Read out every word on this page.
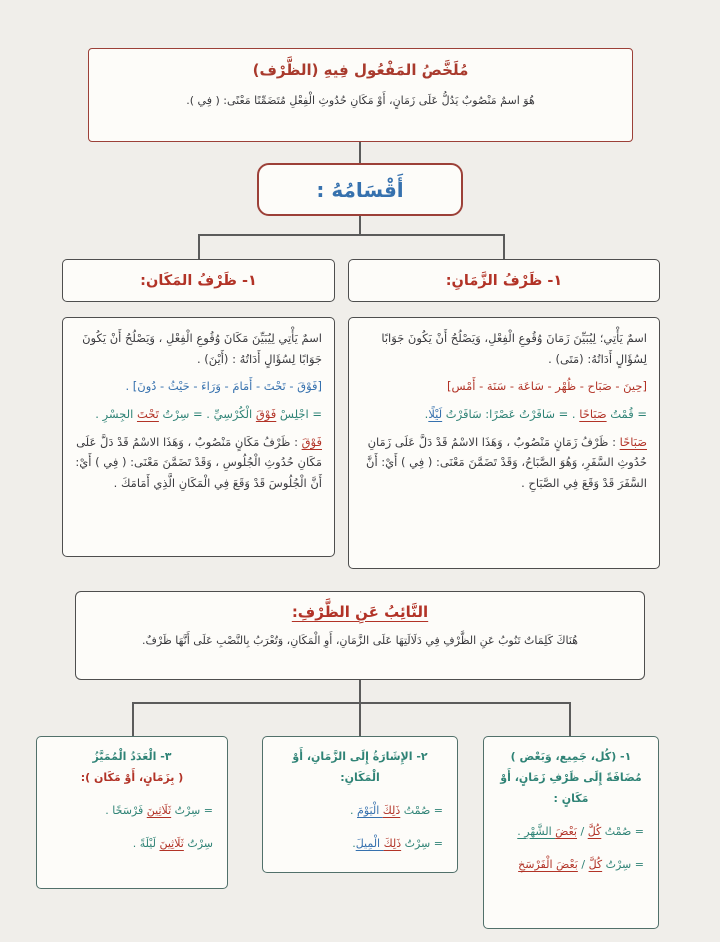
مُلَخَّصُ المَفْعُول فِيهِ (الظَّرْف)
هُوَ اسمٌ مَنْصُوبٌ يَدُلُّ عَلَى زَمَانٍ، أَوْ مَكَانِ حُدُوثِ الْفِعْلِ مُتَضَمِّنًا مَعْنًى: ( فِي ).
أَقْسَامُهُ :
١- ظَرْفُ الزَّمَانِ:

اسمٌ يَأْتِي؛ لِيُبَيِّنَ زَمَانَ وُقُوعِ الْفِعْلِ، وَيَصْلُحُ أَنْ يَكُونَ جَوَابًا لِسُؤَالٍ أَدَاتُهُ: (مَتَى) .

[حِينَ - صَبَاح - ظُهْر - سَاعَة - سَنَة - أَمْس]

= قُمْتُ صَبَاحًا . = سَافَرْتُ عَصْرًا: سَافَرْتُ لَيْلًا.

صَبَاحًا : ظَرْفُ زَمَانٍ مَنْصُوبٌ ، وَهَذَا الاسْمُ قَدْ دَلَّ عَلَى زَمَانِ حُدُوثِ السَّفَرِ، وَهُوَ الصَّبَاحُ، وَقَدْ تَضَمَّنَ مَعْنَى: ( فِي ) أَيْ: أَنَّ السَّفَرَ قَدْ وَقَعَ فِي الصَّبَاحِ .

١- ظَرْفُ المَكَان:

اسمٌ يَأْتِي لِيُبَيِّنَ مَكَانَ وُقُوعِ الْفِعْلِ ، وَيَصْلُحُ أَنْ يَكُونَ جَوَابًا لِسُؤَالٍ أَدَاتُهُ : (أَيْنَ) .

[فَوْقَ - تَحْتَ - أَمَامَ - وَرَاءَ - حَيْثُ - دُونَ] .

= اجْلِسْ فَوْقَ الْكُرْسِيِّ . = سِرْتُ تَحْتَ الجِسْرِ .

فَوْقَ : ظَرْفُ مَكَانٍ مَنْصُوبٌ ، وَهَذَا الاسْمُ قَدْ دَلَّ عَلَى مَكَانِ حُدُوثِ الْجُلُوسِ ، وَقَدْ تَضَمَّنَ مَعْنَى: ( فِي ) أَيْ: أَنَّ الْجُلُوسَ قَدْ وَقَعَ فِي الْمَكَانِ الَّذِي أَمَامَكَ .

النَّائِبُ عَنِ الظَّرْفِ:
هُنَاكَ كَلِمَاتٌ تَنُوبُ عَنِ الظَّرْفِ فِي دَلَالَتِهَا عَلَى الزَّمَانِ، أَوِ الْمَكَانِ، وَتُعْرَبُ بِالنَّصْبِ عَلَى أَنَّهَا ظَرْفٌ.
١- (كُل، جَمِيع، وَبَعْض ) مُضَافَةً إِلَى ظَرْفِ زَمَانٍ، أَوْ مَكَانٍ :

= صُمْتُ كُلَّ / بَعْضَ الشَّهْرِ .

= سِرْتُ كُلَّ / بَعْضَ الْفَرْسَخِ

٢- الإِشَارَةُ إِلَى الزَّمَانِ، أَوْ الْمَكَانِ:

= صُمْتُ ذَلِكَ الْيَوْمَ .

= سِرْتُ ذَلِكَ الْمِيلَ.

٣- الْعَدَدُ الْمُمَيَّزُ
( بِزَمَانٍ، أَوْ مَكَان ):

= سِرْتُ ثَلَاثِينَ فَرْسَخًا .

سِرْتُ ثَلَاثِينَ لَيْلَةً .
